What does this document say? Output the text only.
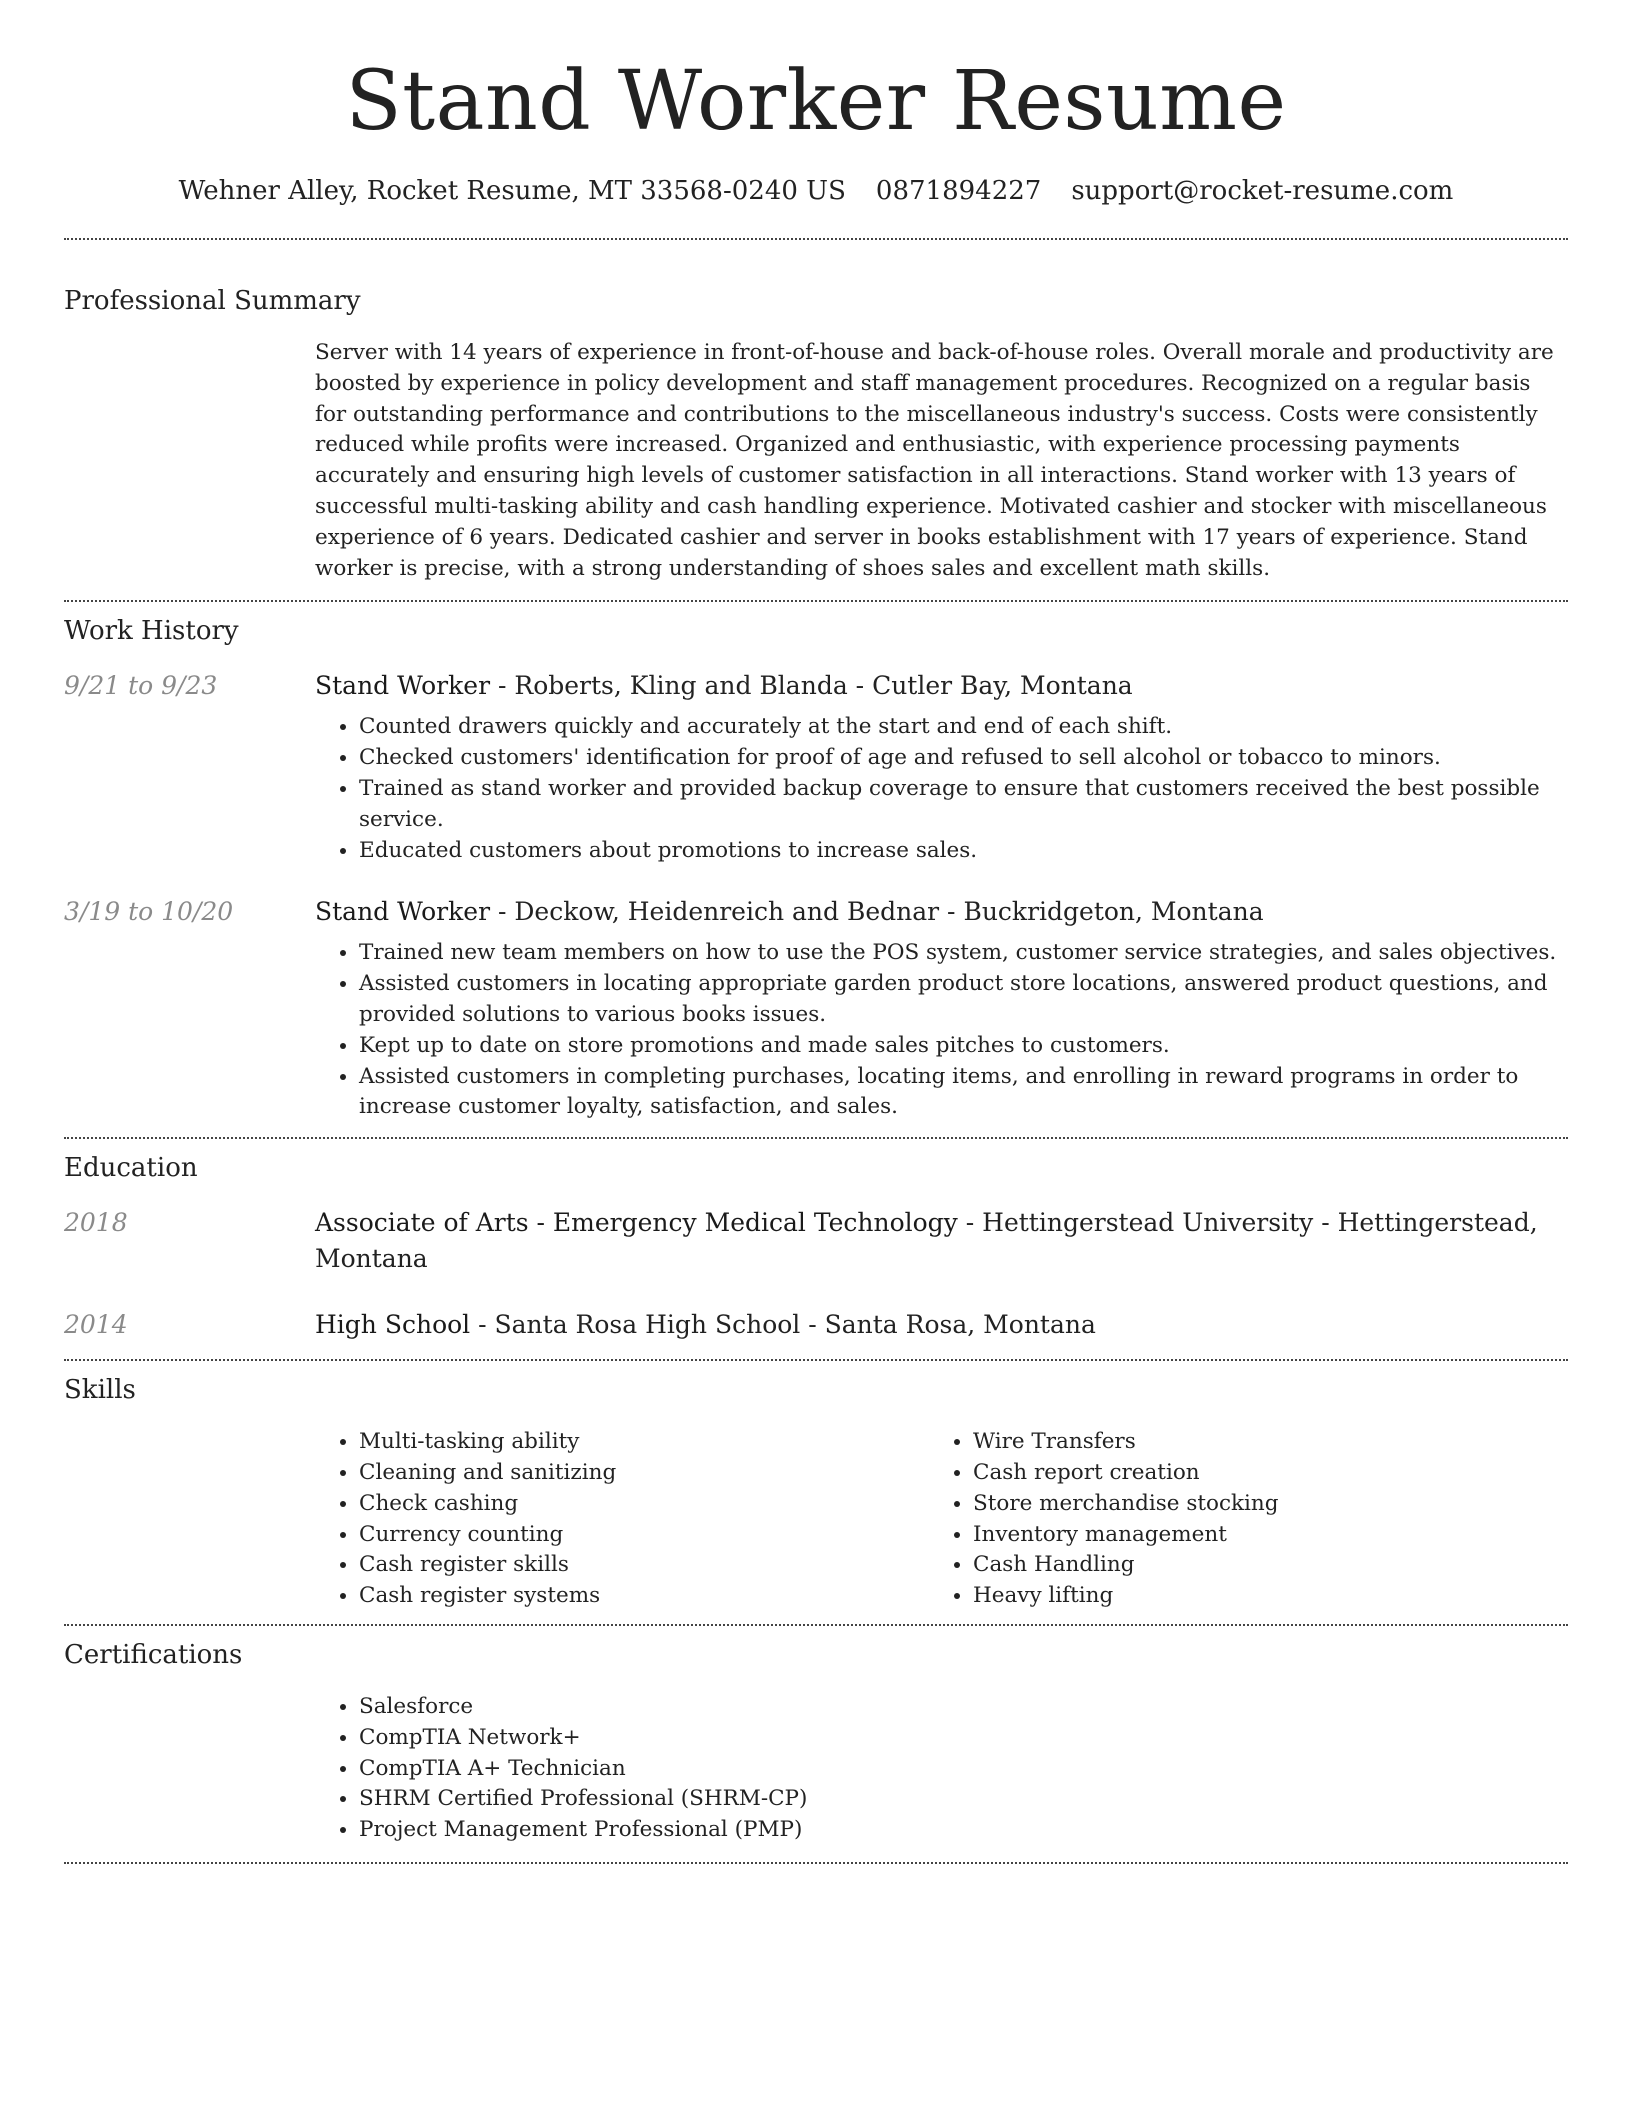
Stand Worker Resume
Wehner Alley, Rocket Resume, MT 33568-0240 US 0871894227 support@rocket-resume.com
Professional Summary
Server with 14 years of experience in front-of-house and back-of-house roles. Overall morale and productivity are boosted by experience in policy development and staff management procedures. Recognized on a regular basis for outstanding performance and contributions to the miscellaneous industry's success. Costs were consistently reduced while profits were increased. Organized and enthusiastic, with experience processing payments accurately and ensuring high levels of customer satisfaction in all interactions. Stand worker with 13 years of successful multi-tasking ability and cash handling experience. Motivated cashier and stocker with miscellaneous experience of 6 years. Dedicated cashier and server in books establishment with 17 years of experience. Stand worker is precise, with a strong understanding of shoes sales and excellent math skills.
Work History
9/21 to 9/23	Stand Worker - Roberts, Kling and Blanda - Cutler Bay, Montana
• Counted drawers quickly and accurately at the start and end of each shift.
• Checked customers' identification for proof of age and refused to sell alcohol or tobacco to minors.
• Trained as stand worker and provided backup coverage to ensure that customers received the best possible service.
• Educated customers about promotions to increase sales.
3/19 to 10/20	Stand Worker - Deckow, Heidenreich and Bednar - Buckridgeton, Montana
• Trained new team members on how to use the POS system, customer service strategies, and sales objectives.
• Assisted customers in locating appropriate garden product store locations, answered product questions, and provided solutions to various books issues.
• Kept up to date on store promotions and made sales pitches to customers.
• Assisted customers in completing purchases, locating items, and enrolling in reward programs in order to increase customer loyalty, satisfaction, and sales.
Education
2018	Associate of Arts - Emergency Medical Technology - Hettingerstead University - Hettingerstead, Montana
2014	High School - Santa Rosa High School - Santa Rosa, Montana
Skills
• Multi-tasking ability
• Cleaning and sanitizing
• Check cashing
• Currency counting
• Cash register skills
• Cash register systems
• Wire Transfers
• Cash report creation
• Store merchandise stocking
• Inventory management
• Cash Handling
• Heavy lifting
Certifications
• Salesforce
• CompTIA Network+
• CompTIA A+ Technician
• SHRM Certified Professional (SHRM-CP)
• Project Management Professional (PMP)
